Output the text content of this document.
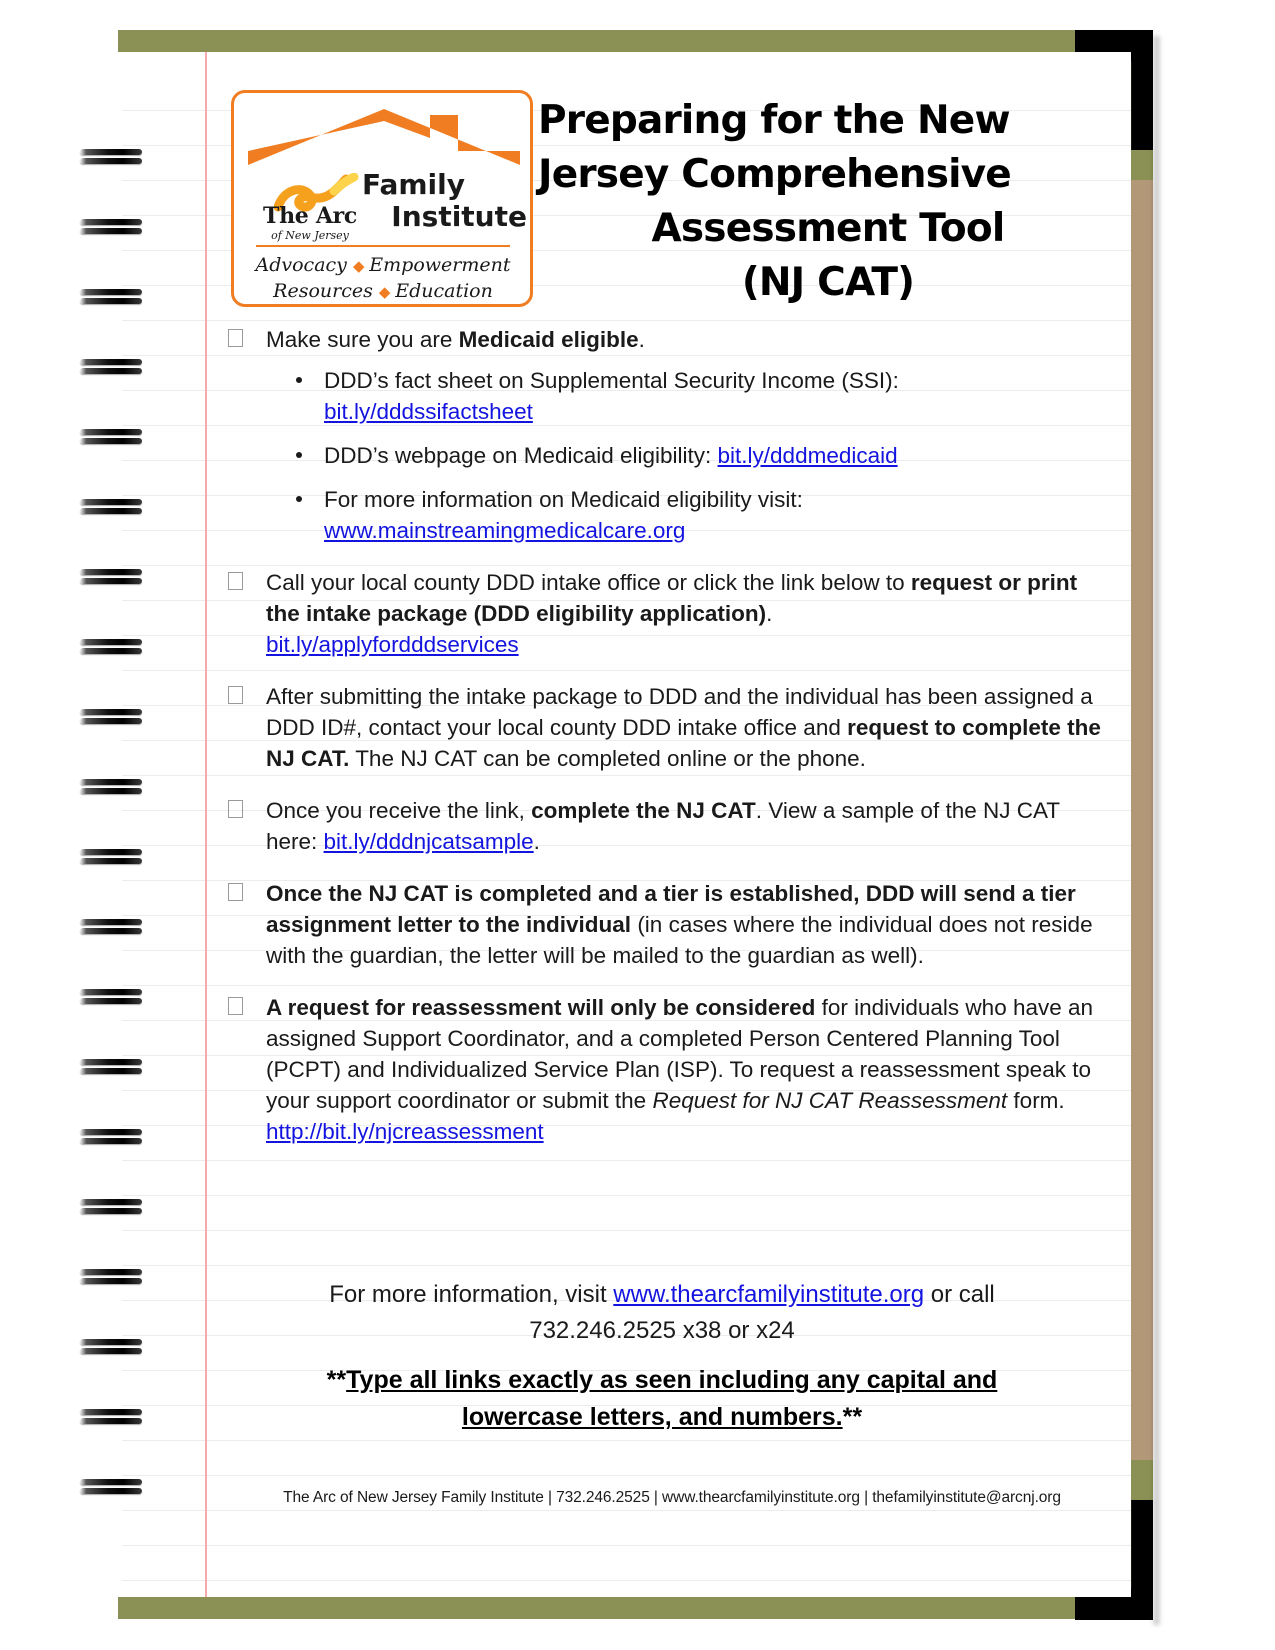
The Arc
of New Jersey
Family
Institute
Advocacy ◆ Empowerment
Resources ◆ Education
Preparing for the New
Jersey Comprehensive
Assessment Tool
(NJ CAT)
Make sure you are Medicaid eligible.
DDD’s fact sheet on Supplemental Security Income (SSI):
bit.ly/dddssifactsheet
DDD’s webpage on Medicaid eligibility: bit.ly/dddmedicaid
For more information on Medicaid eligibility visit:
www.mainstreamingmedicalcare.org
Call your local county DDD intake office or click the link below to request or print the intake package (DDD eligibility application).
bit.ly/applyfordddservices
After submitting the intake package to DDD and the individual has been assigned a DDD ID#, contact your local county DDD intake office and request to complete the NJ CAT. The NJ CAT can be completed online or the phone.
Once you receive the link, complete the NJ CAT. View a sample of the NJ CAT here: bit.ly/dddnjcatsample.
Once the NJ CAT is completed and a tier is established, DDD will send a tier assignment letter to the individual (in cases where the individual does not reside with the guardian, the letter will be mailed to the guardian as well).
A request for reassessment will only be considered for individuals who have an assigned Support Coordinator, and a completed Person Centered Planning Tool (PCPT) and Individualized Service Plan (ISP). To request a reassessment speak to your support coordinator or submit the Request for NJ CAT Reassessment form. http://bit.ly/njcreassessment
For more information, visit www.thearcfamilyinstitute.org or call
732.246.2525 x38 or x24
**Type all links exactly as seen including any capital and
lowercase letters, and numbers.**
The Arc of New Jersey Family Institute | 732.246.2525 | www.thearcfamilyinstitute.org | thefamilyinstitute@arcnj.org
